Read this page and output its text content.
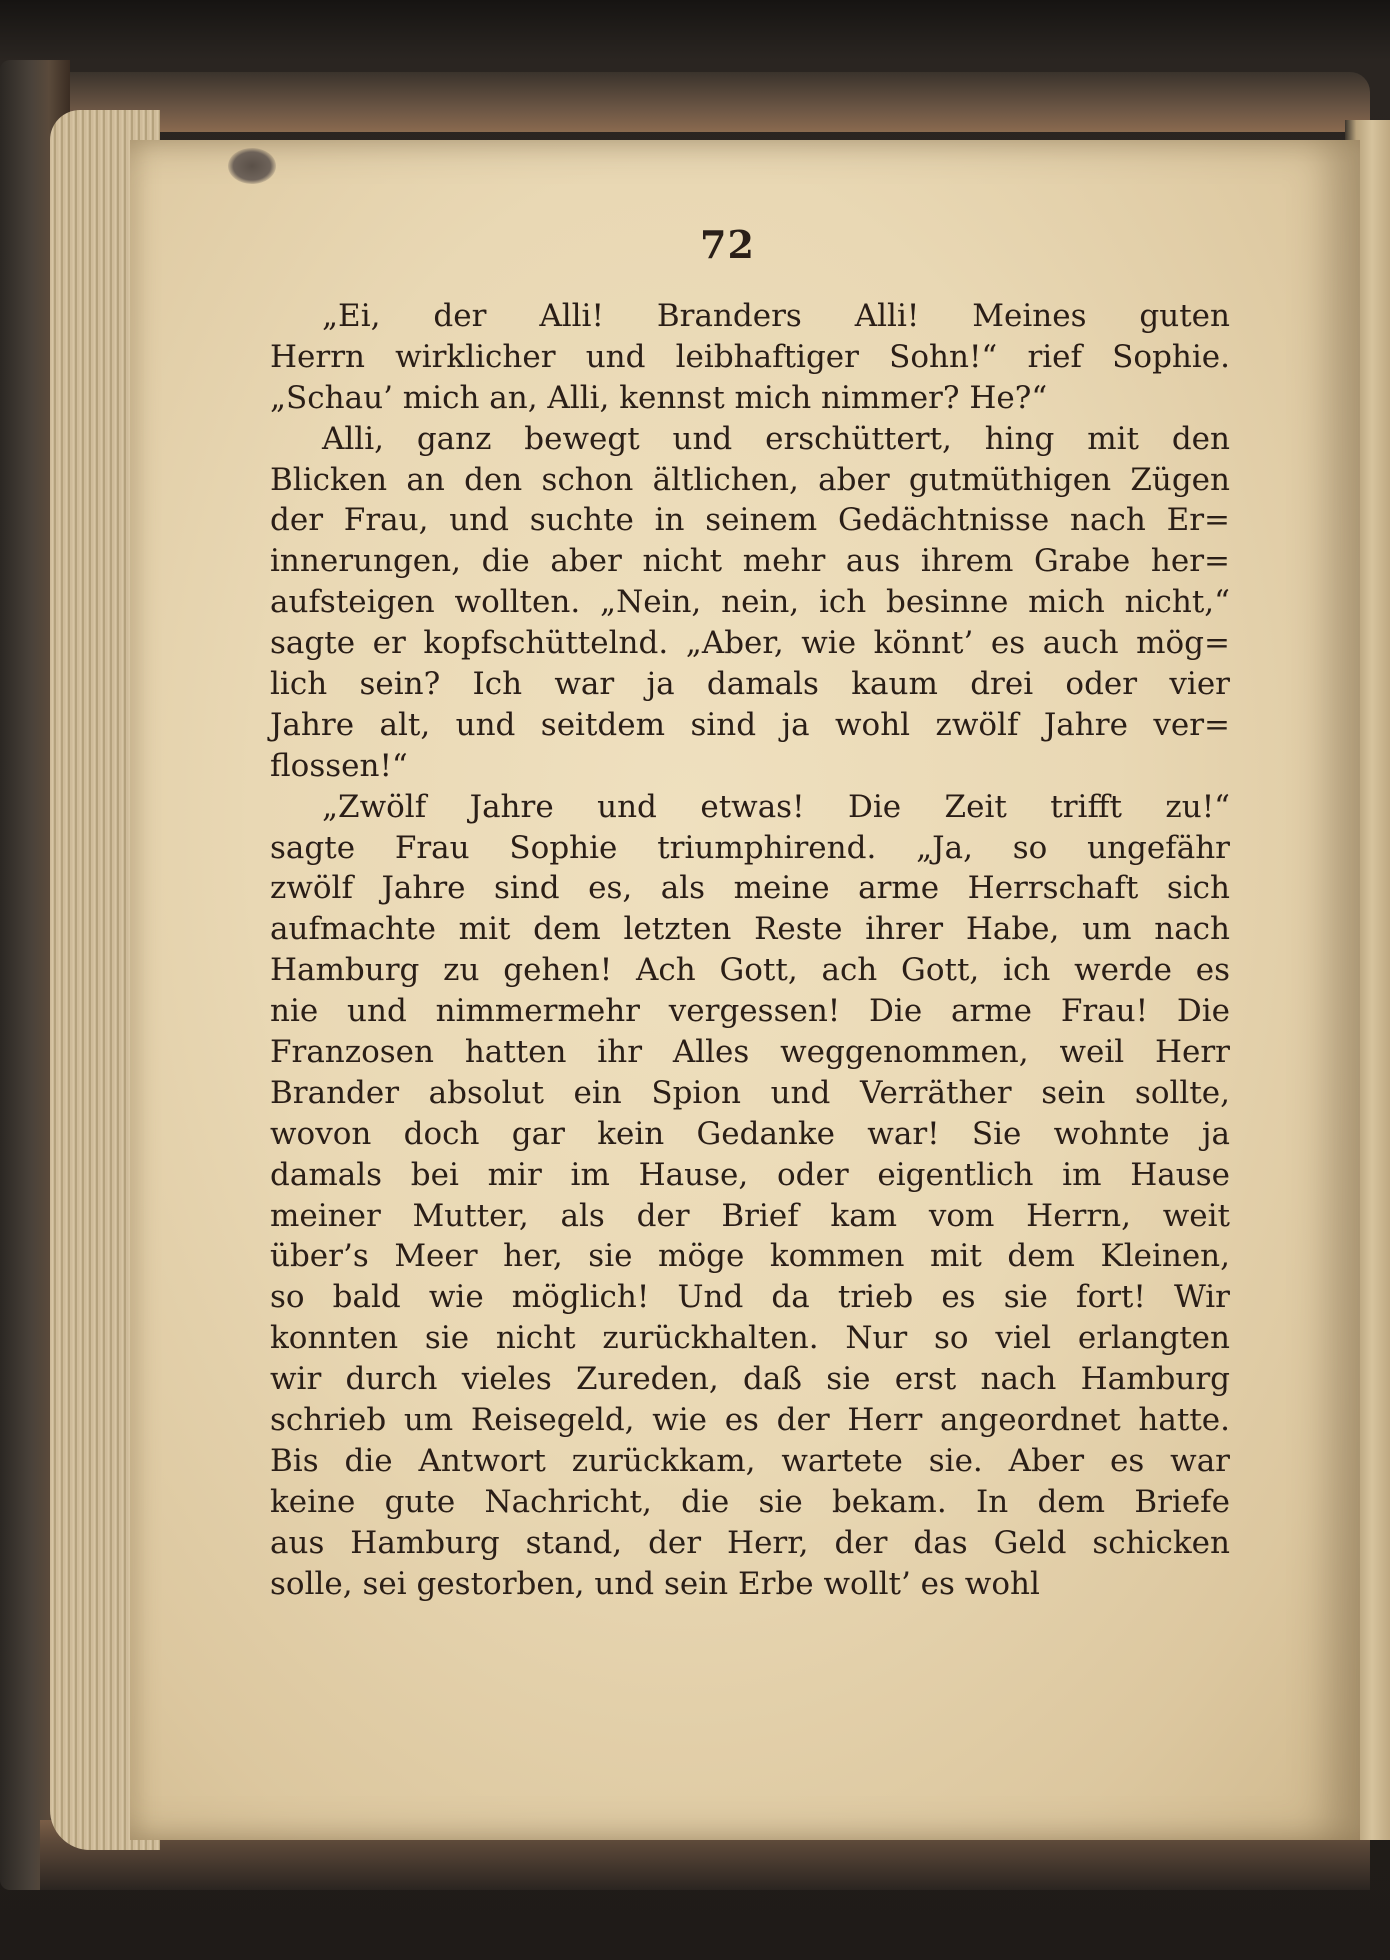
72
„Ei, der Alli! Branders Alli! Meines guten
Herrn wirklicher und leibhaftiger Sohn!“ rief Sophie.
„Schau’ mich an, Alli, kennst mich nimmer? He?“
Alli, ganz bewegt und erschüttert, hing mit den
Blicken an den schon ältlichen, aber gutmüthigen Zügen
der Frau, und suchte in seinem Gedächtnisse nach Er=
innerungen, die aber nicht mehr aus ihrem Grabe her=
aufsteigen wollten. „Nein, nein, ich besinne mich nicht,“
sagte er kopfschüttelnd. „Aber, wie könnt’ es auch mög=
lich sein? Ich war ja damals kaum drei oder vier
Jahre alt, und seitdem sind ja wohl zwölf Jahre ver=
flossen!“
„Zwölf Jahre und etwas! Die Zeit trifft zu!“
sagte Frau Sophie triumphirend. „Ja, so ungefähr
zwölf Jahre sind es, als meine arme Herrschaft sich
aufmachte mit dem letzten Reste ihrer Habe, um nach
Hamburg zu gehen! Ach Gott, ach Gott, ich werde es
nie und nimmermehr vergessen! Die arme Frau! Die
Franzosen hatten ihr Alles weggenommen, weil Herr
Brander absolut ein Spion und Verräther sein sollte,
wovon doch gar kein Gedanke war! Sie wohnte ja
damals bei mir im Hause, oder eigentlich im Hause
meiner Mutter, als der Brief kam vom Herrn, weit
über’s Meer her, sie möge kommen mit dem Kleinen,
so bald wie möglich! Und da trieb es sie fort! Wir
konnten sie nicht zurückhalten. Nur so viel erlangten
wir durch vieles Zureden, daß sie erst nach Hamburg
schrieb um Reisegeld, wie es der Herr angeordnet hatte.
Bis die Antwort zurückkam, wartete sie. Aber es war
keine gute Nachricht, die sie bekam. In dem Briefe
aus Hamburg stand, der Herr, der das Geld schicken
solle, sei gestorben, und sein Erbe wollt’ es wohl
